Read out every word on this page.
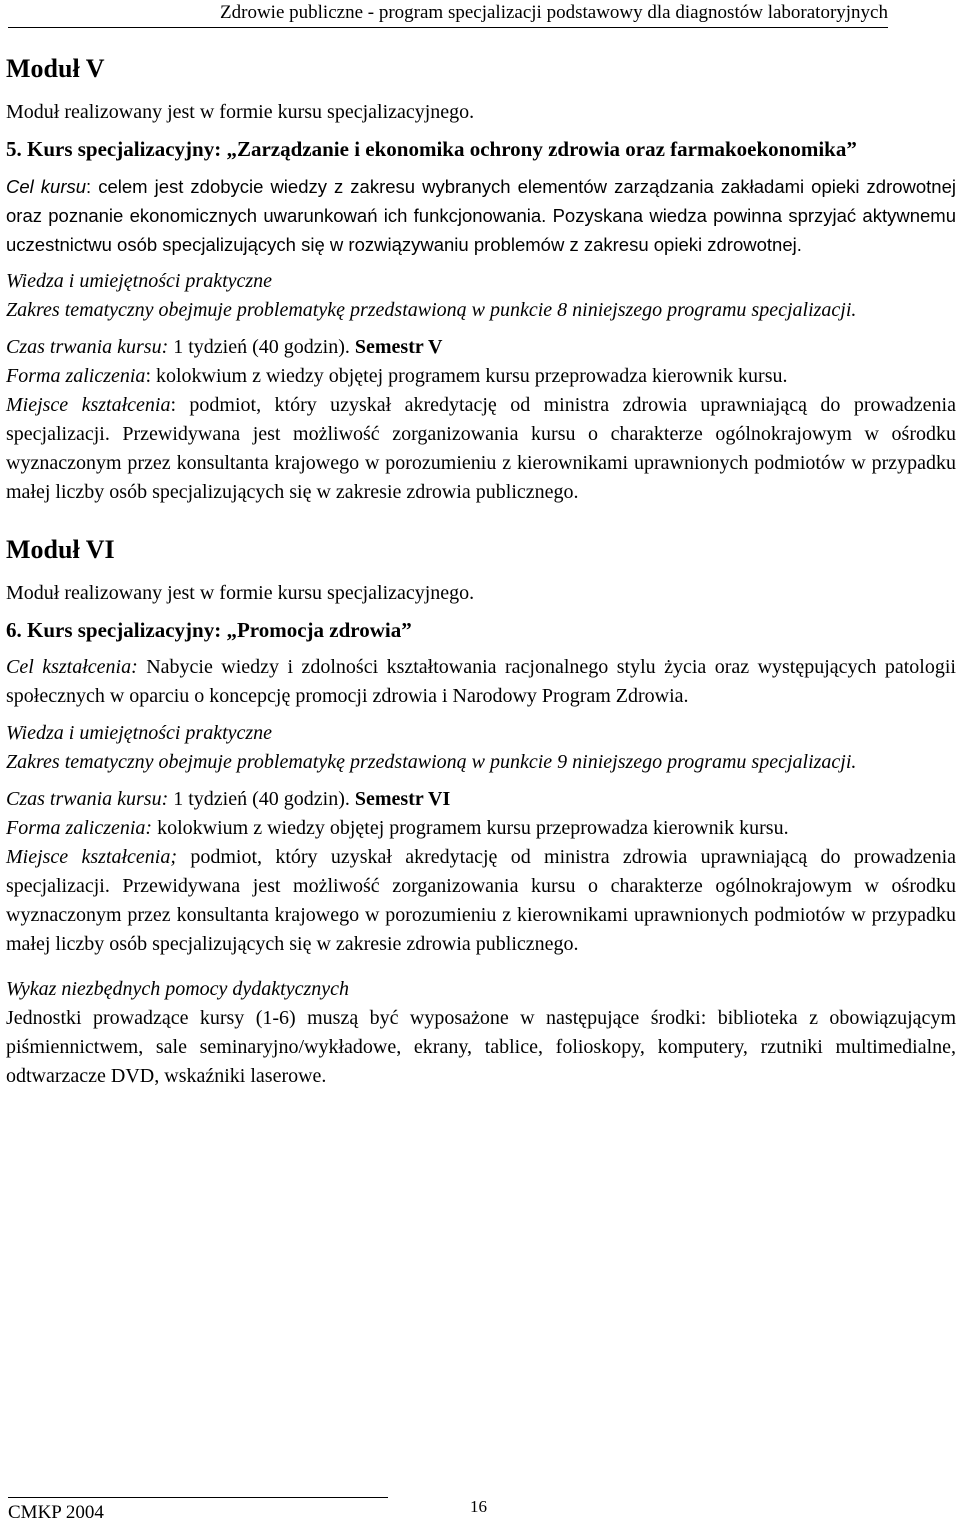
Zdrowie publiczne - program specjalizacji podstawowy dla diagnostów laboratoryjnych
Moduł V

Moduł realizowany jest w formie kursu specjalizacyjnego.

5. Kurs specjalizacyjny: „Zarządzanie i ekonomika ochrony zdrowia oraz farmakoekonomika”

Cel kursu: celem jest zdobycie wiedzy z zakresu wybranych elementów zarządzania zakładami opieki zdrowotnej oraz poznanie ekonomicznych uwarunkowań ich funkcjonowania. Pozyskana wiedza powinna sprzyjać aktywnemu uczestnictwu osób specjalizujących się w rozwiązywaniu problemów z zakresu opieki zdrowotnej.

Wiedza i umiejętności praktyczne

Zakres tematyczny obejmuje problematykę przedstawioną w punkcie 8 niniejszego programu specjalizacji.

Czas trwania kursu: 1 tydzień (40 godzin). Semestr V

Forma zaliczenia: kolokwium z wiedzy objętej programem kursu przeprowadza kierownik kursu.

Miejsce kształcenia: podmiot, który uzyskał akredytację od ministra zdrowia uprawniającą do prowadzenia specjalizacji. Przewidywana jest możliwość zorganizowania kursu o charakterze ogólnokrajowym w ośrodku wyznaczonym przez konsultanta krajowego w porozumieniu z kierownikami uprawnionych podmiotów w przypadku małej liczby osób specjalizujących się w zakresie zdrowia publicznego.

Moduł VI

Moduł realizowany jest w formie kursu specjalizacyjnego.

6. Kurs specjalizacyjny: „Promocja zdrowia”

Cel kształcenia: Nabycie wiedzy i zdolności kształtowania racjonalnego stylu życia oraz występujących patologii społecznych w oparciu o koncepcję promocji zdrowia i Narodowy Program Zdrowia.

Wiedza i umiejętności praktyczne

Zakres tematyczny obejmuje problematykę przedstawioną w punkcie 9 niniejszego programu specjalizacji.

Czas trwania kursu: 1 tydzień (40 godzin). Semestr VI

Forma zaliczenia: kolokwium z wiedzy objętej programem kursu przeprowadza kierownik kursu.

Miejsce kształcenia; podmiot, który uzyskał akredytację od ministra zdrowia uprawniającą do prowadzenia specjalizacji. Przewidywana jest możliwość zorganizowania kursu o charakterze ogólnokrajowym w ośrodku wyznaczonym przez konsultanta krajowego w porozumieniu z kierownikami uprawnionych podmiotów w przypadku małej liczby osób specjalizujących się w zakresie zdrowia publicznego.

Wykaz niezbędnych pomocy dydaktycznych

Jednostki prowadzące kursy (1-6) muszą być wyposażone w następujące środki: biblioteka z obowiązującym piśmiennictwem, sale seminaryjno/wykładowe, ekrany, tablice, folioskopy, komputery, rzutniki multimedialne, odtwarzacze DVD, wskaźniki laserowe.

CMKP 2004	16
